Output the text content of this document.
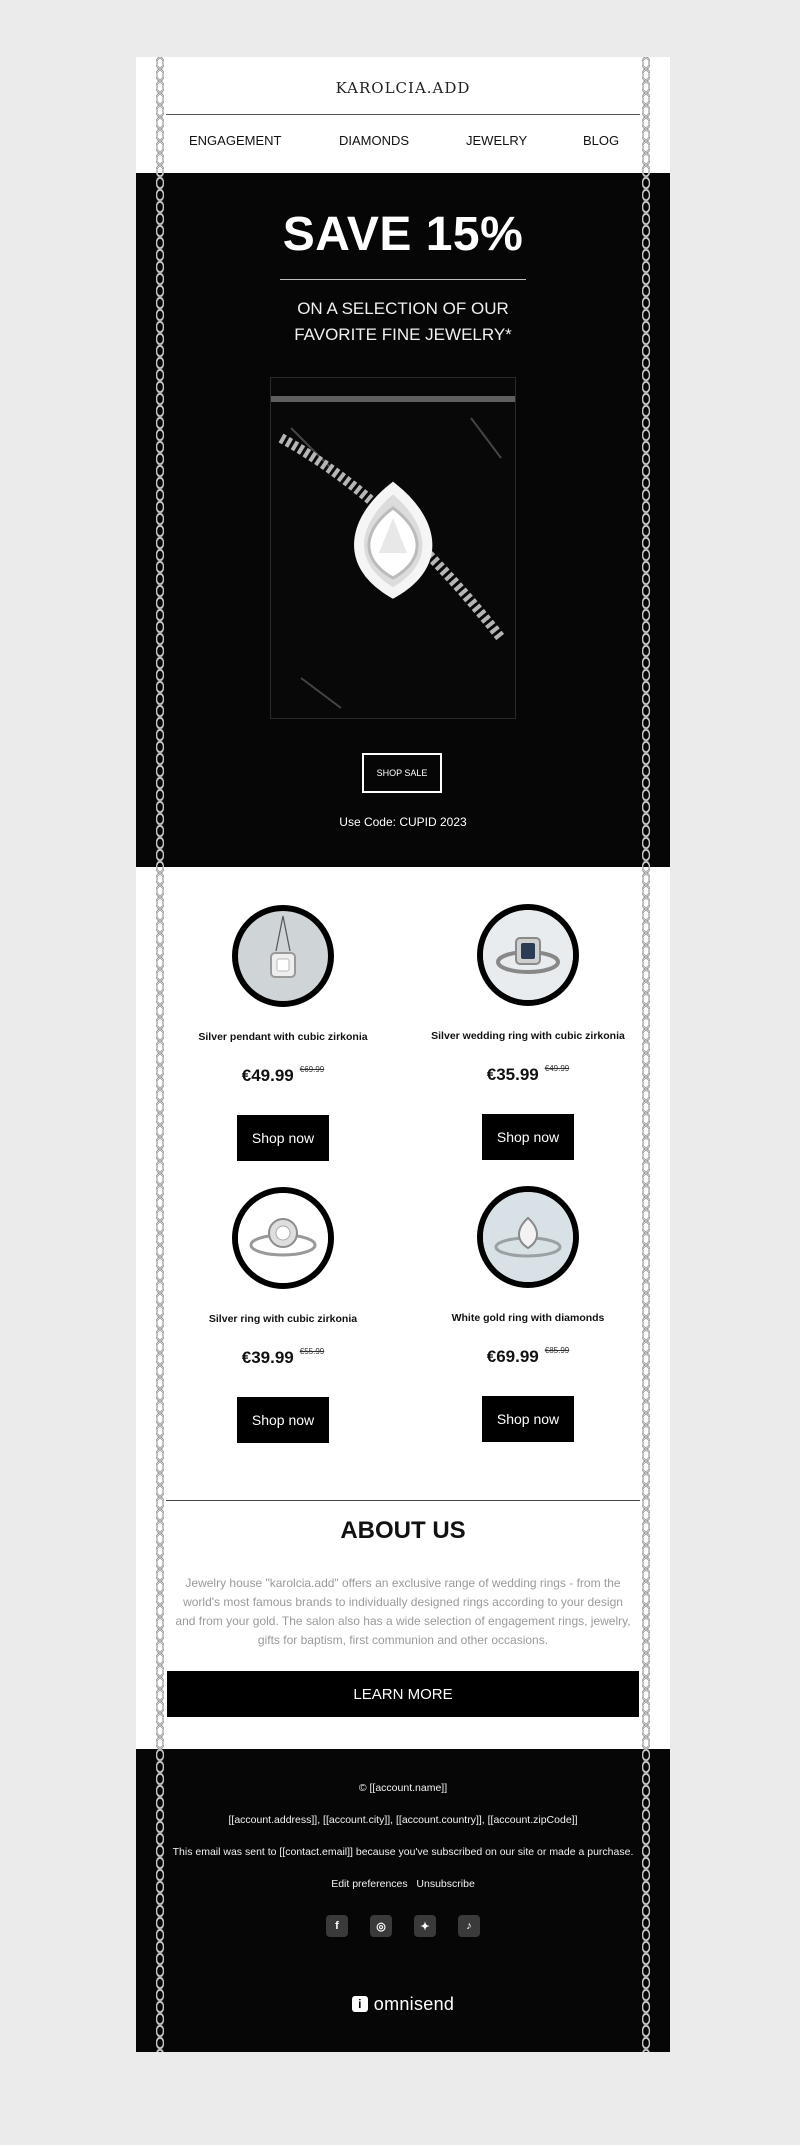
KAROLCIA.ADD
ENGAGEMENT	DIAMONDS	JEWELRY	BLOG
SAVE 15%
ON A SELECTION OF OUR
FAVORITE FINE JEWELRY*
SHOP SALE
Use Code: CUPID 2023
Silver pendant with cubic zirkonia
€49.99 $^{€69.99}$
Shop now
Silver wedding ring with cubic zirkonia
€35.99 $^{€49.99}$
Shop now
Silver ring with cubic zirkonia
€39.99 $^{€55.99}$
Shop now
White gold ring with diamonds
€69.99 $^{€85.99}$
Shop now
ABOUT US
Jewelry house "karolcia.add" offers an exclusive range of wedding rings - from the world's most famous brands to individually designed rings according to your design and from your gold. The salon also has a wide selection of engagement rings, jewelry, gifts for baptism, first communion and other occasions.
LEARN MORE
© [[account.name]]
[[account.address]], [[account.city]], [[account.country]], [[account.zipCode]]
This email was sent to [[contact.email]] because you've subscribed on our site or made a purchase.
Edit preferences Unsubscribe
f	◎	✦	♪
i omnisend
